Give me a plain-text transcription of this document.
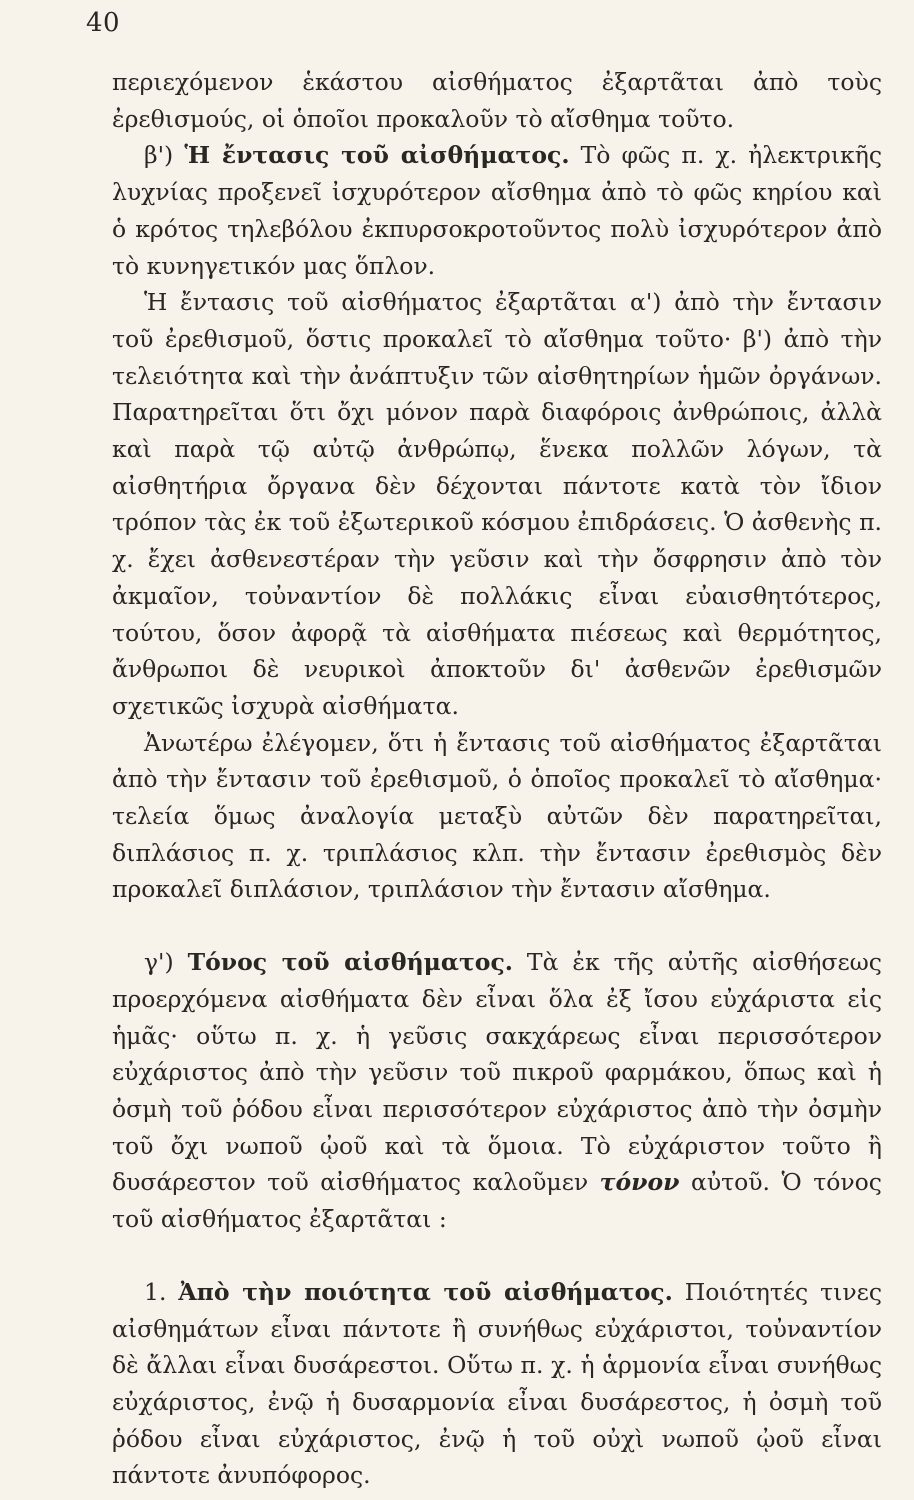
40

περιεχόμενον ἑκάστου αἰσθήματος ἐξαρτᾶται ἀπὸ τοὺς ἐρεθισμούς, οἱ ὁποῖοι προκαλοῦν τὸ αἴσθημα τοῦτο.

β') Ἡ ἔντασις τοῦ αἰσθήματος. Τὸ φῶς π. χ. ἠλεκτρικῆς λυχνίας προξενεῖ ἰσχυρότερον αἴσθημα ἀπὸ τὸ φῶς κηρίου καὶ ὁ κρότος τηλεβόλου ἐκπυρσοκροτοῦντος πολὺ ἰσχυρότερον ἀπὸ τὸ κυνηγετικόν μας ὅπλον.

Ἡ ἔντασις τοῦ αἰσθήματος ἐξαρτᾶται α') ἀπὸ τὴν ἔντασιν τοῦ ἐρεθισμοῦ, ὅστις προκαλεῖ τὸ αἴσθημα τοῦτο· β') ἀπὸ τὴν τελειότητα καὶ τὴν ἀνάπτυξιν τῶν αἰσθητηρίων ἡμῶν ὀργάνων. Παρατηρεῖται ὅτι ὄχι μόνον παρὰ διαφόροις ἀνθρώποις, ἀλλὰ καὶ παρὰ τῷ αὐτῷ ἀνθρώπῳ, ἕνεκα πολλῶν λόγων, τὰ αἰσθητήρια ὄργανα δὲν δέχονται πάντοτε κατὰ τὸν ἴδιον τρόπον τὰς ἐκ τοῦ ἐξωτερικοῦ κόσμου ἐπιδράσεις. Ὁ ἀσθενὴς π. χ. ἔχει ἀσθενεστέραν τὴν γεῦσιν καὶ τὴν ὄσφρησιν ἀπὸ τὸν ἀκμαῖον, τοὐναντίον δὲ πολλάκις εἶναι εὐαισθητότερος, τούτου, ὅσον ἀφορᾷ τὰ αἰσθήματα πιέσεως καὶ θερμότητος, ἄνθρωποι δὲ νευρικοὶ ἀποκτοῦν δι' ἀσθενῶν ἐρεθισμῶν σχετικῶς ἰσχυρὰ αἰσθήματα.

Ἀνωτέρω ἐλέγομεν, ὅτι ἡ ἔντασις τοῦ αἰσθήματος ἐξαρτᾶται ἀπὸ τὴν ἔντασιν τοῦ ἐρεθισμοῦ, ὁ ὁποῖος προκαλεῖ τὸ αἴσθημα· τελεία ὅμως ἀναλογία μεταξὺ αὐτῶν δὲν παρατηρεῖται, διπλάσιος π. χ. τριπλάσιος κλπ. τὴν ἔντασιν ἐρεθισμὸς δὲν προκαλεῖ διπλάσιον, τριπλάσιον τὴν ἔντασιν αἴσθημα.

γ') Τόνος τοῦ αἰσθήματος. Τὰ ἐκ τῆς αὐτῆς αἰσθήσεως προερχόμενα αἰσθήματα δὲν εἶναι ὅλα ἐξ ἴσου εὐχάριστα εἰς ἡμᾶς· οὕτω π. χ. ἡ γεῦσις σακχάρεως εἶναι περισσότερον εὐχάριστος ἀπὸ τὴν γεῦσιν τοῦ πικροῦ φαρμάκου, ὅπως καὶ ἡ ὀσμὴ τοῦ ῥόδου εἶναι περισσότερον εὐχάριστος ἀπὸ τὴν ὀσμὴν τοῦ ὄχι νωποῦ ᾠοῦ καὶ τὰ ὅμοια. Τὸ εὐχάριστον τοῦτο ἢ δυσάρεστον τοῦ αἰσθήματος καλοῦμεν τόνον αὐτοῦ. Ὁ τόνος τοῦ αἰσθήματος ἐξαρτᾶται :

1. Ἀπὸ τὴν ποιότητα τοῦ αἰσθήματος. Ποιότητές τινες αἰσθημάτων εἶναι πάντοτε ἢ συνήθως εὐχάριστοι, τοὐναντίον δὲ ἄλλαι εἶναι δυσάρεστοι. Οὕτω π. χ. ἡ ἁρμονία εἶναι συνήθως εὐχάριστος, ἐνῷ ἡ δυσαρμονία εἶναι δυσάρεστος, ἡ ὀσμὴ τοῦ ῥόδου εἶναι εὐχάριστος, ἐνῷ ἡ τοῦ οὐχὶ νωποῦ ᾠοῦ εἶναι πάντοτε ἀνυπόφορος.
